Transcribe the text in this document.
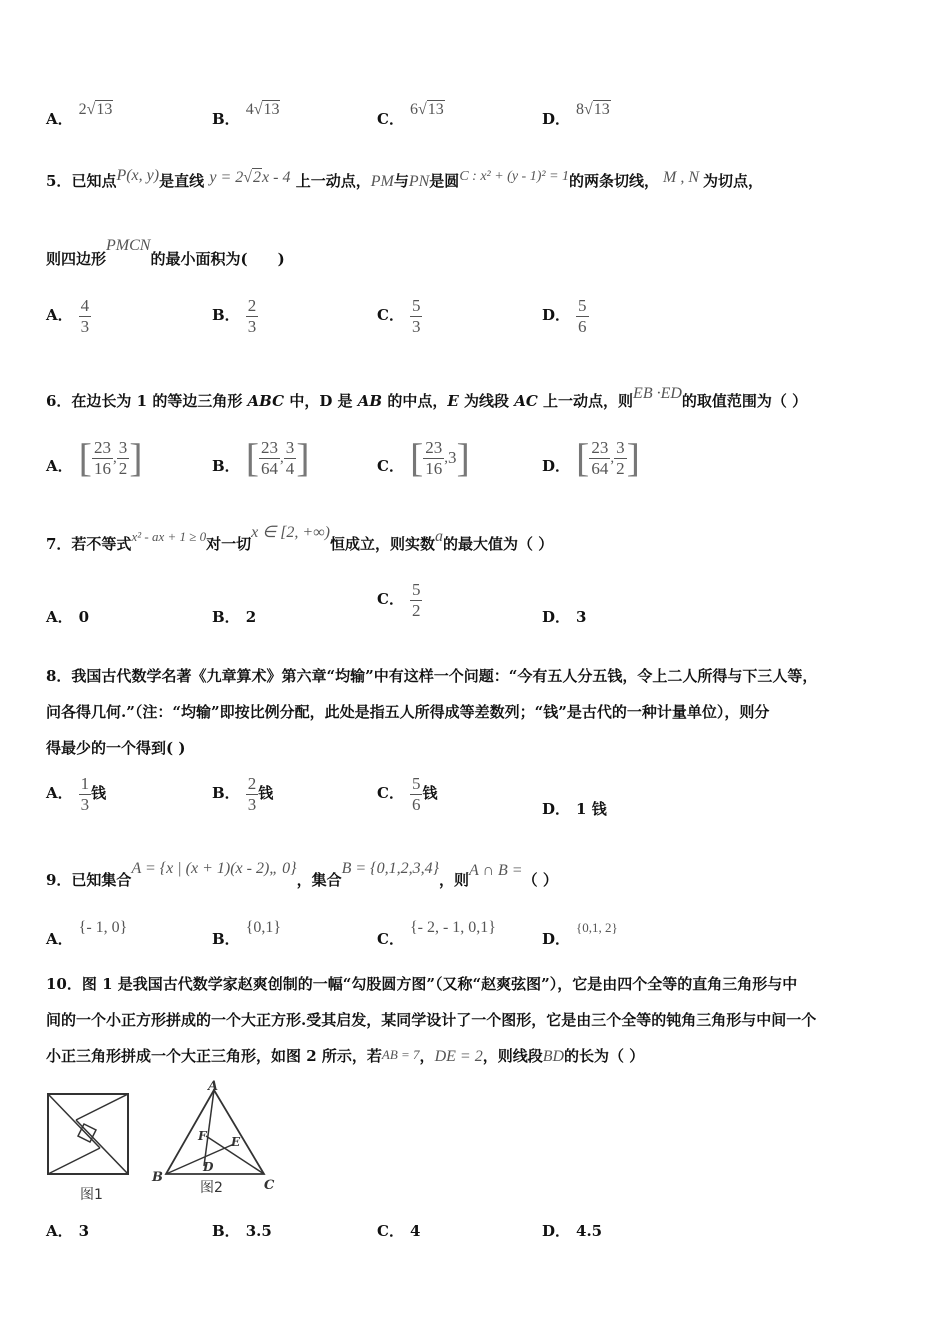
A．2√13
B．4√13
C．6√13
D．8√13
5．已知点P(x, y)是直线 y = 2√2x - 4 上一动点，PM与PN是圆C : x² + (y - 1)² = 1的两条切线， M , N 为切点，
则四边形PMCN的最小面积为(　　)
A． $\frac{4}{3}$	B． $\frac{2}{3}$	C． $\frac{5}{3}$	D． $\frac{5}{6}$
6．在边长为 1 的等边三角形 ABC 中，D 是 AB 的中点，E 为线段 AC 上一动点，则EB ·ED的取值范围为（ ）
A． [ $\frac{23}{16}$ , $\frac{3}{2}$ ]	B． [ $\frac{23}{64}$ , $\frac{3}{4}$ ]	C． [ $\frac{23}{16}$ , 3 ]	D． [ $\frac{23}{64}$ , $\frac{3}{2}$ ]
7．若不等式x² - ax + 1 ≥ 0对一切x ∈ [2, +∞)恒成立，则实数a的最大值为（ ）
A． 0	B． 2
C． $\frac{5}{2}$	D． 3
8．我国古代数学名著《九章算术》第六章“均输”中有这样一个问题：“今有五人分五钱，令上二人所得与下三人等，
问各得几何.”（注：“均输”即按比例分配，此处是指五人所得成等差数列；“钱”是古代的一种计量单位），则分
得最少的一个得到( )
A． $\frac{1}{3}$ 钱	B． $\frac{2}{3}$ 钱	C． $\frac{5}{6}$ 钱
D． 1 钱
9．已知集合A = {x | (x + 1)(x - 2)„ 0}，集合B = {0,1,2,3,4}，则A ∩ B =（ ）
A．{- 1, 0}
B．{0,1}
C．{- 2, - 1, 0,1}
D．{0,1, 2}
10．图 1 是我国古代数学家赵爽创制的一幅“勾股圆方图”（又称“赵爽弦图”），它是由四个全等的直角三角形与中
间的一个小正方形拼成的一个大正方形.受其启发，某同学设计了一个图形，它是由三个全等的钝角三角形与中间一个
小正三角形拼成一个大正三角形，如图 2 所示，若AB = 7，DE = 2，则线段BD的长为（ ）
图1
A
B
C
D
E
F
图2
A． 3	B． 3.5	C． 4	D． 4.5
